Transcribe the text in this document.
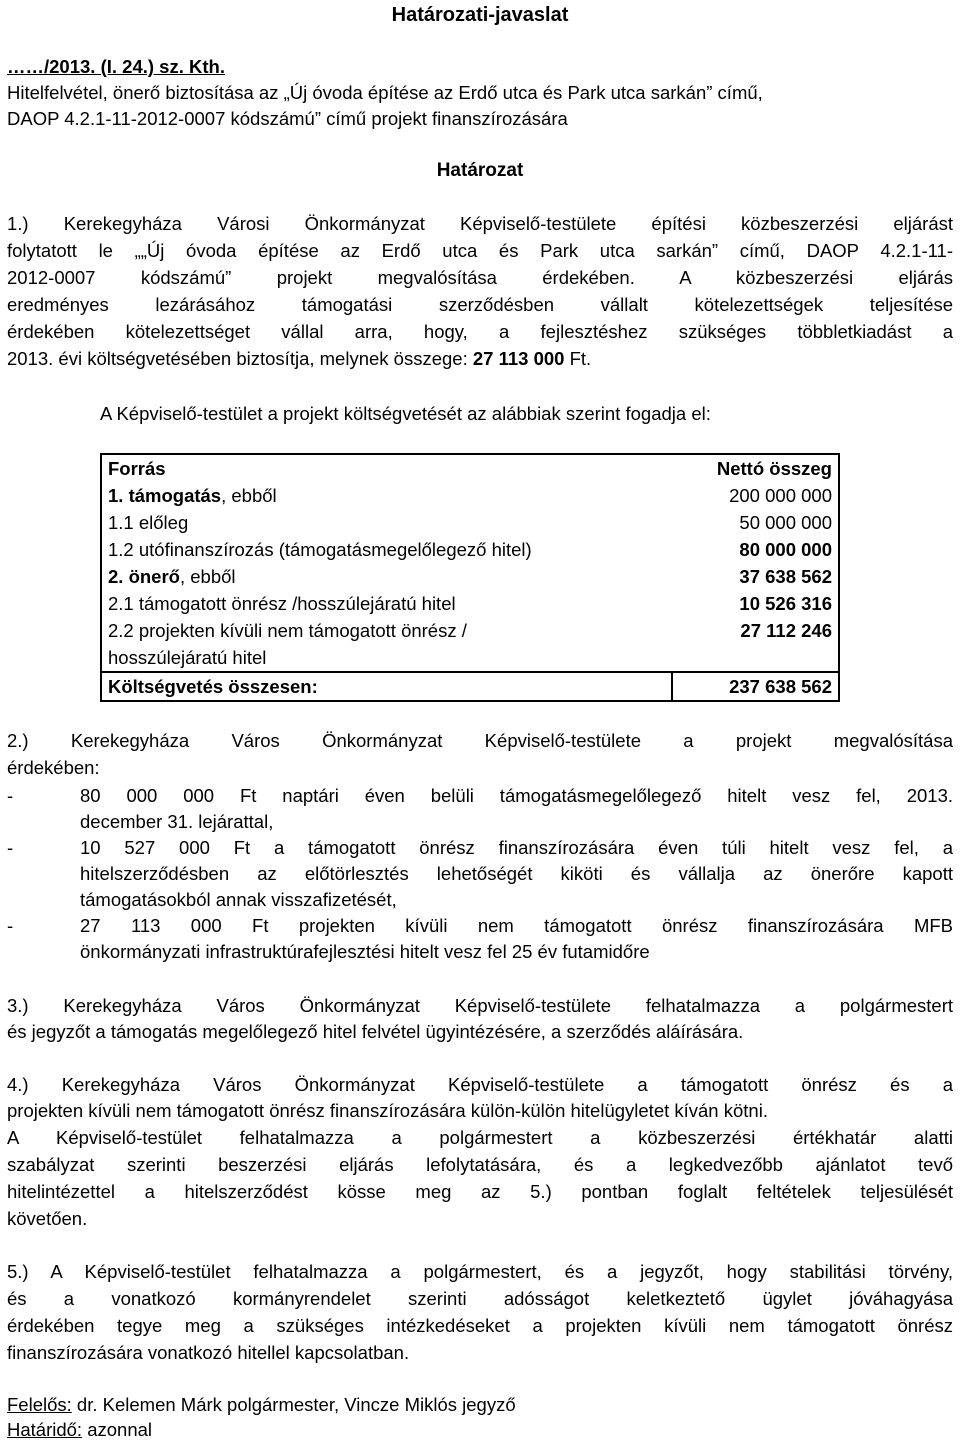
Határozati-javaslat
……/2013. (I. 24.) sz. Kth.
Hitelfelvétel, önerő biztosítása az „Új óvoda építése az Erdő utca és Park utca sarkán” című,
DAOP 4.2.1-11-2012-0007 kódszámú” című projekt finanszírozására
Határozat
1.) Kerekegyháza Városi Önkormányzat Képviselő-testülete építési közbeszerzési eljárást
folytatott le „„Új óvoda építése az Erdő utca és Park utca sarkán” című, DAOP 4.2.1-11-
2012-0007 kódszámú” projekt megvalósítása érdekében. A közbeszerzési eljárás
eredményes lezárásához támogatási szerződésben vállalt kötelezettségek teljesítése
érdekében kötelezettséget vállal arra, hogy, a fejlesztéshez szükséges többletkiadást a
2013. évi költségvetésében biztosítja, melynek összege: 27 113 000 Ft.
A Képviselő-testület a projekt költségvetését az alábbiak szerint fogadja el:
Forrás	Nettó összeg
1. támogatás, ebből	200 000 000
1.1 előleg	50 000 000
1.2 utófinanszírozás (támogatásmegelőlegező hitel)	80 000 000
2. önerő, ebből	37 638 562
2.1 támogatott önrész /hosszúlejáratú hitel	10 526 316

2.2 projekten kívüli nem támogatott önrész /
hosszúlejáratú hitel	27 112 246
Költségvetés összesen:	237 638 562
2.) Kerekegyháza Város Önkormányzat Képviselő-testülete a projekt megvalósítása
érdekében:
-	80 000 000 Ft naptári éven belüli támogatásmegelőlegező hitelt vesz fel, 2013.
december 31. lejárattal,
-	10 527 000 Ft a támogatott önrész finanszírozására éven túli hitelt vesz fel, a
hitelszerződésben az előtörlesztés lehetőségét kiköti és vállalja az önerőre kapott
támogatásokból annak visszafizetését,
-	27 113 000 Ft projekten kívüli nem támogatott önrész finanszírozására MFB
önkormányzati infrastruktúrafejlesztési hitelt vesz fel 25 év futamidőre
3.) Kerekegyháza Város Önkormányzat Képviselő-testülete felhatalmazza a polgármestert
és jegyzőt a támogatás megelőlegező hitel felvétel ügyintézésére, a szerződés aláírására.
4.) Kerekegyháza Város Önkormányzat Képviselő-testülete a támogatott önrész és a
projekten kívüli nem támogatott önrész finanszírozására külön-külön hitelügyletet kíván kötni.
A Képviselő-testület felhatalmazza a polgármestert a közbeszerzési értékhatár alatti
szabályzat szerinti beszerzési eljárás lefolytatására, és a legkedvezőbb ajánlatot tevő
hitelintézettel a hitelszerződést kösse meg az 5.) pontban foglalt feltételek teljesülését
követően.
5.) A Képviselő-testület felhatalmazza a polgármestert, és a jegyzőt, hogy stabilitási törvény,
és a vonatkozó kormányrendelet szerinti adósságot keletkeztető ügylet jóváhagyása
érdekében tegye meg a szükséges intézkedéseket a projekten kívüli nem támogatott önrész
finanszírozására vonatkozó hitellel kapcsolatban.
Felelős: dr. Kelemen Márk polgármester, Vincze Miklós jegyző
Határidő: azonnal
